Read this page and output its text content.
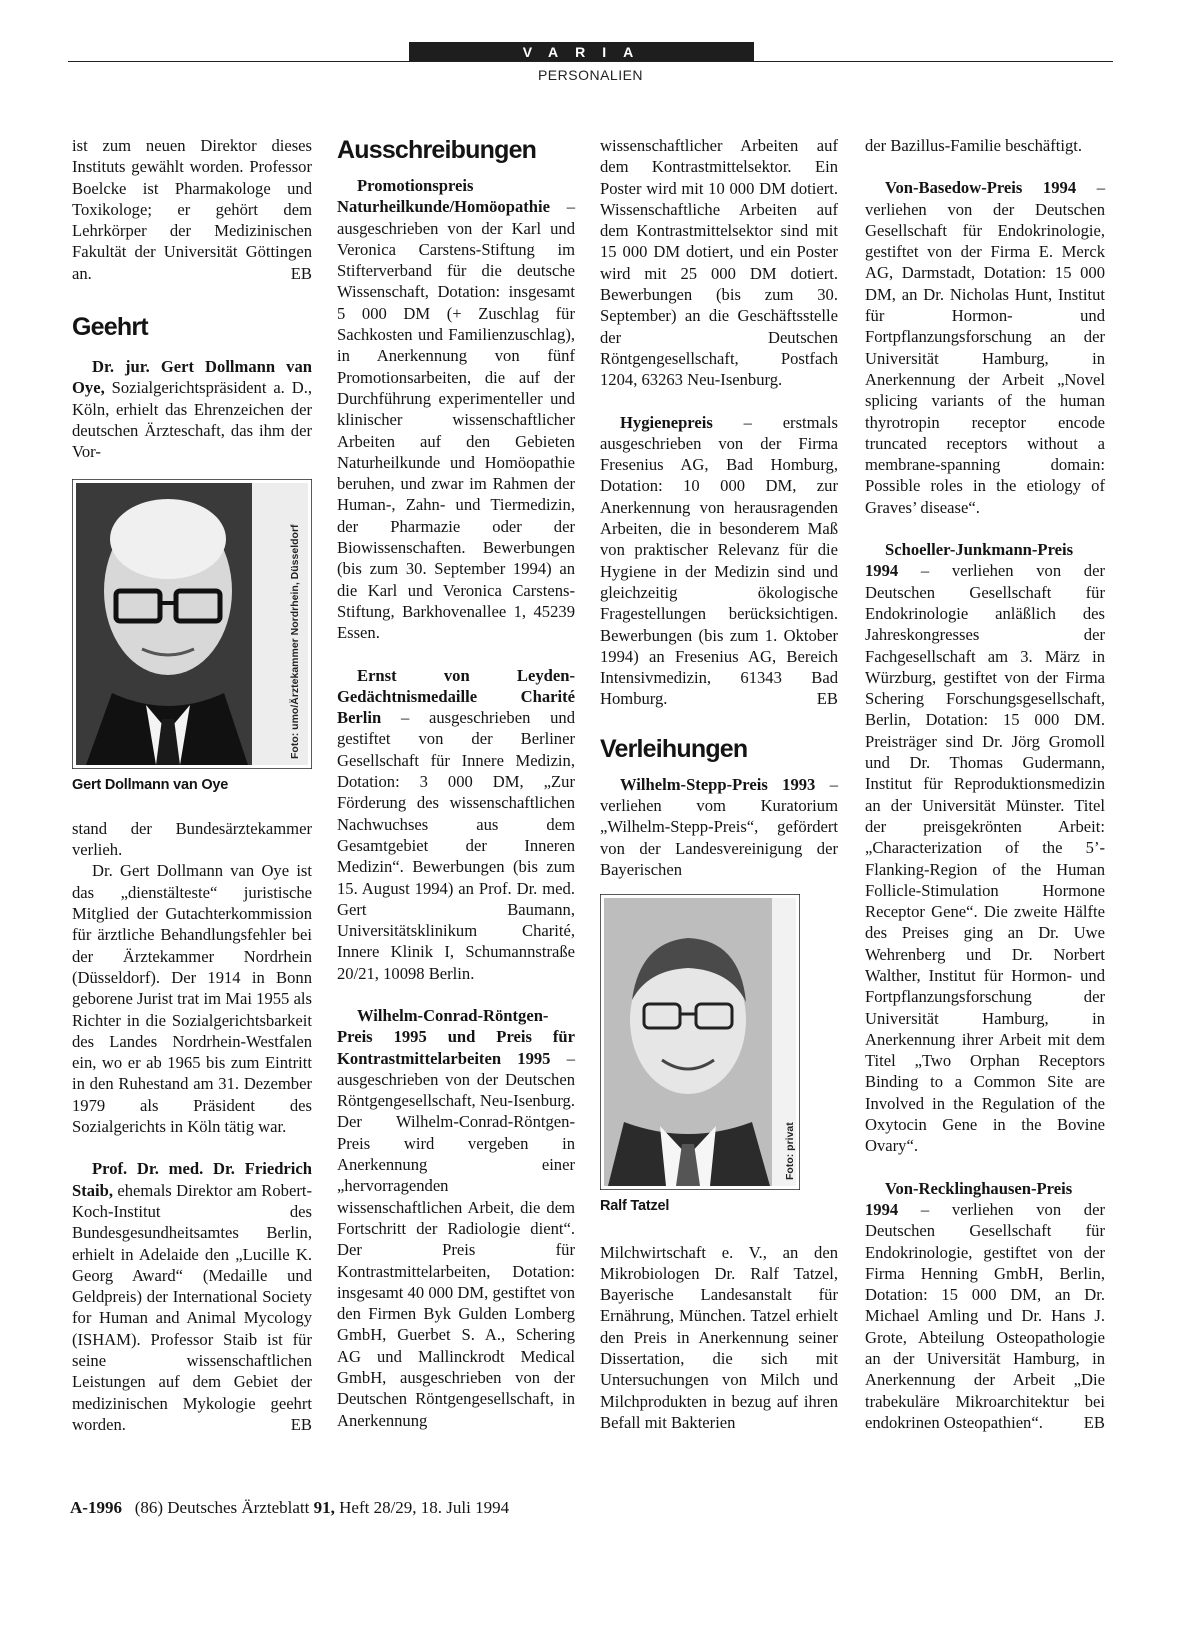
VARIA
PERSONALIEN

ist zum neuen Direktor dieses Instituts gewählt worden. Professor Boelcke ist Pharmakologe und Toxikologe; er gehört dem Lehrkörper der Medizinischen Fakultät der Universität Göttingen an.	EB

Geehrt

Dr. jur. Gert Dollmann van Oye, Sozialgerichtspräsident a. D., Köln, erhielt das Ehrenzeichen der deutschen Ärzteschaft, das ihm der Vor-

Foto: umo/Ärztekammer Nordrhein, Düsseldorf
Gert Dollmann van Oye

stand der Bundesärztekammer verlieh.

Dr. Gert Dollmann van Oye ist das „dienstälteste“ juristische Mitglied der Gutachterkommission für ärztliche Behandlungsfehler bei der Ärztekammer Nordrhein (Düsseldorf). Der 1914 in Bonn geborene Jurist trat im Mai 1955 als Richter in die Sozialgerichtsbarkeit des Landes Nordrhein-Westfalen ein, wo er ab 1965 bis zum Eintritt in den Ruhestand am 31. Dezember 1979 als Präsident des Sozialgerichts in Köln tätig war.

Prof. Dr. med. Dr. Friedrich Staib, ehemals Direktor am Robert-Koch-Institut des Bundesgesundheitsamtes Berlin, erhielt in Adelaide den „Lucille K. Georg Award“ (Medaille und Geldpreis) der International Society for Human and Animal Mycology (ISHAM). Professor Staib ist für seine wissenschaftlichen Leistungen auf dem Gebiet der medizinischen Mykologie geehrt worden.	EB

Ausschreibungen

Promotionspreis Naturheilkunde/Homöopathie – ausgeschrieben von der Karl und Veronica Carstens-Stiftung im Stifterverband für die deutsche Wissenschaft, Dotation: insgesamt 5 000 DM (+ Zuschlag für Sachkosten und Familienzuschlag), in Anerkennung von fünf Promotionsarbeiten, die auf der Durchführung experimenteller und klinischer wissenschaftlicher Arbeiten auf den Gebieten Naturheilkunde und Homöopathie beruhen, und zwar im Rahmen der Human-, Zahn- und Tiermedizin, der Pharmazie oder der Biowissenschaften. Bewerbungen (bis zum 30. September 1994) an die Karl und Veronica Carstens-Stiftung, Barkhovenallee 1, 45239 Essen.

Ernst von Leyden-Gedächtnismedaille Charité Berlin – ausgeschrieben und gestiftet von der Berliner Gesellschaft für Innere Medizin, Dotation: 3 000 DM, „Zur Förderung des wissenschaftlichen Nachwuchses aus dem Gesamtgebiet der Inneren Medizin“. Bewerbungen (bis zum 15. August 1994) an Prof. Dr. med. Gert Baumann, Universitätsklinikum Charité, Innere Klinik I, Schumannstraße 20/21, 10098 Berlin.

Wilhelm-Conrad-Röntgen-Preis 1995 und Preis für Kontrastmittelarbeiten 1995 – ausgeschrieben von der Deutschen Röntgengesellschaft, Neu-Isenburg. Der Wilhelm-Conrad-Röntgen-Preis wird vergeben in Anerkennung einer „hervorragenden wissenschaftlichen Arbeit, die dem Fortschritt der Radiologie dient“. Der Preis für Kontrastmittelarbeiten, Dotation: insgesamt 40 000 DM, gestiftet von den Firmen Byk Gulden Lomberg GmbH, Guerbet S. A., Schering AG und Mallinckrodt Medical GmbH, ausgeschrieben von der Deutschen Röntgengesellschaft, in Anerkennung

wissenschaftlicher Arbeiten auf dem Kontrastmittelsektor. Ein Poster wird mit 10 000 DM dotiert. Wissenschaftliche Arbeiten auf dem Kontrastmittelsektor sind mit 15 000 DM dotiert, und ein Poster wird mit 25 000 DM dotiert. Bewerbungen (bis zum 30. September) an die Geschäftsstelle der Deutschen Röntgengesellschaft, Postfach 1204, 63263 Neu-Isenburg.

Hygienepreis – erstmals ausgeschrieben von der Firma Fresenius AG, Bad Homburg, Dotation: 10 000 DM, zur Anerkennung von herausragenden Arbeiten, die in besonderem Maß von praktischer Relevanz für die Hygiene in der Medizin sind und gleichzeitig ökologische Fragestellungen berücksichtigen. Bewerbungen (bis zum 1. Oktober 1994) an Fresenius AG, Bereich Intensivmedizin, 61343 Bad Homburg.	EB

Verleihungen

Wilhelm-Stepp-Preis 1993 – verliehen vom Kuratorium „Wilhelm-Stepp-Preis“, gefördert von der Landesvereinigung der Bayerischen

Foto: privat
Ralf Tatzel

Milchwirtschaft e. V., an den Mikrobiologen Dr. Ralf Tatzel, Bayerische Landesanstalt für Ernährung, München. Tatzel erhielt den Preis in Anerkennung seiner Dissertation, die sich mit Untersuchungen von Milch und Milchprodukten in bezug auf ihren Befall mit Bakterien

der Bazillus-Familie beschäftigt.

Von-Basedow-Preis 1994 – verliehen von der Deutschen Gesellschaft für Endokrinologie, gestiftet von der Firma E. Merck AG, Darmstadt, Dotation: 15 000 DM, an Dr. Nicholas Hunt, Institut für Hormon- und Fortpflanzungsforschung an der Universität Hamburg, in Anerkennung der Arbeit „Novel splicing variants of the human thyrotropin receptor encode truncated receptors without a membrane-spanning domain: Possible roles in the etiology of Graves’ disease“.

Schoeller-Junkmann-Preis 1994 – verliehen von der Deutschen Gesellschaft für Endokrinologie anläßlich des Jahreskongresses der Fachgesellschaft am 3. März in Würzburg, gestiftet von der Firma Schering Forschungsgesellschaft, Berlin, Dotation: 15 000 DM. Preisträger sind Dr. Jörg Gromoll und Dr. Thomas Gudermann, Institut für Reproduktionsmedizin an der Universität Münster. Titel der preisgekrönten Arbeit: „Characterization of the 5’-Flanking-Region of the Human Follicle-Stimulation Hormone Receptor Gene“. Die zweite Hälfte des Preises ging an Dr. Uwe Wehrenberg und Dr. Norbert Walther, Institut für Hormon- und Fortpflanzungsforschung der Universität Hamburg, in Anerkennung ihrer Arbeit mit dem Titel „Two Orphan Receptors Binding to a Common Site are Involved in the Regulation of the Oxytocin Gene in the Bovine Ovary“.

Von-Recklinghausen-Preis 1994 – verliehen von der Deutschen Gesellschaft für Endokrinologie, gestiftet von der Firma Henning GmbH, Berlin, Dotation: 15 000 DM, an Dr. Michael Amling und Dr. Hans J. Grote, Abteilung Osteopathologie an der Universität Hamburg, in Anerkennung der Arbeit „Die trabekuläre Mikroarchitektur bei endokrinen Osteopathien“.	EB

A-1996 (86) Deutsches Ärzteblatt 91, Heft 28/29, 18. Juli 1994
